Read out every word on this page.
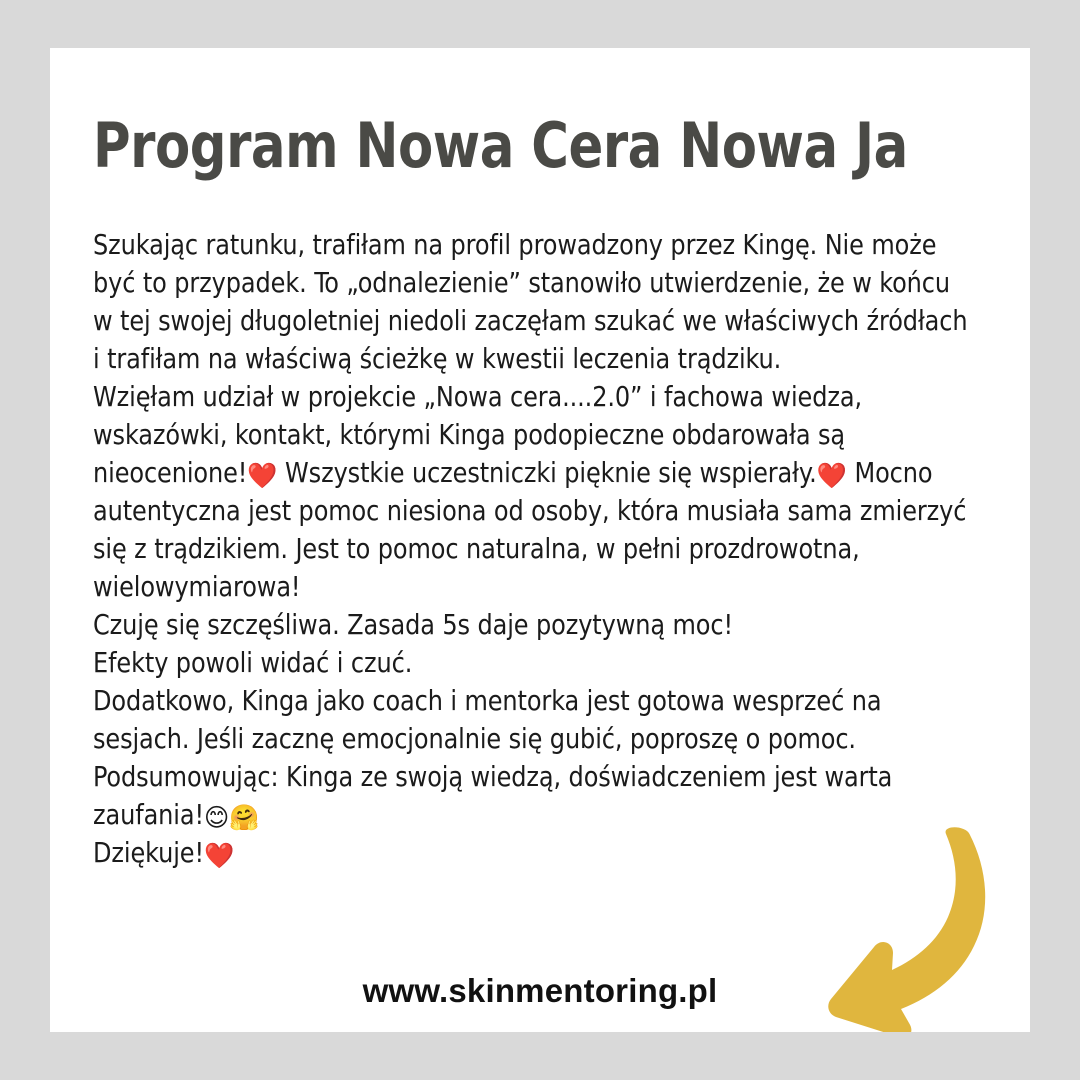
Program Nowa Cera Nowa Ja

Szukając ratunku, trafiłam na profil prowadzony przez Kingę. Nie może być to przypadek. To „odnalezienie” stanowiło utwierdzenie, że w końcu w tej swojej długoletniej niedoli zaczęłam szukać we właściwych źródłach i trafiłam na właściwą ścieżkę w kwestii leczenia trądziku.

Wzięłam udział w projekcie „Nowa cera....2.0” i fachowa wiedza, wskazówki, kontakt, którymi Kinga podopieczne obdarowała są nieocenione!❤️ Wszystkie uczestniczki pięknie się wspierały.❤️ Mocno autentyczna jest pomoc niesiona od osoby, która musiała sama zmierzyć się z trądzikiem. Jest to pomoc naturalna, w pełni prozdrowotna, wielowymiarowa!

Czuję się szczęśliwa. Zasada 5s daje pozytywną moc!

Efekty powoli widać i czuć.

Dodatkowo, Kinga jako coach i mentorka jest gotowa wesprzeć na sesjach. Jeśli zacznę emocjonalnie się gubić, poproszę o pomoc.

Podsumowując: Kinga ze swoją wiedzą, doświadczeniem jest warta zaufania!😊🤗

Dziękuje!❤️

www.skinmentoring.pl
